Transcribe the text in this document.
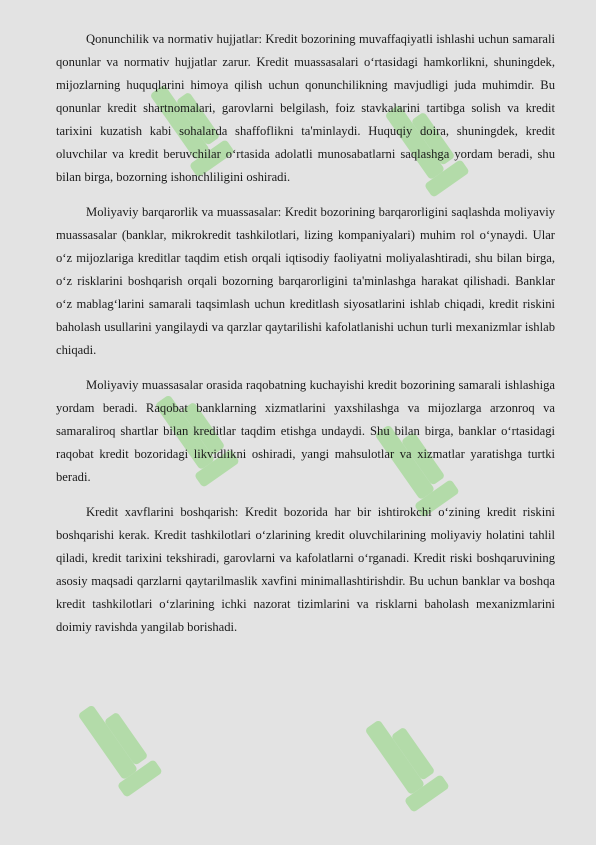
Qonunchilik va normativ hujjatlar: Kredit bozorining muvaffaqiyatli ishlashi uchun samarali qonunlar va normativ hujjatlar zarur. Kredit muassasalari o‘rtasidagi hamkorlikni, shuningdek, mijozlarning huquqlarini himoya qilish uchun qonunchilikning mavjudligi juda muhimdir. Bu qonunlar kredit shartnomalari, garovlarni belgilash, foiz stavkalarini tartibga solish va kredit tarixini kuzatish kabi sohalarda shaffoflikni ta'minlaydi. Huquqiy doira, shuningdek, kredit oluvchilar va kredit beruvchilar o‘rtasida adolatli munosabatlarni saqlashga yordam beradi, shu bilan birga, bozorning ishonchliligini oshiradi.

Moliyaviy barqarorlik va muassasalar: Kredit bozorining barqarorligini saqlashda moliyaviy muassasalar (banklar, mikrokredit tashkilotlari, lizing kompaniyalari) muhim rol o‘ynaydi. Ular o‘z mijozlariga kreditlar taqdim etish orqali iqtisodiy faoliyatni moliyalashtiradi, shu bilan birga, o‘z risklarini boshqarish orqali bozorning barqarorligini ta'minlashga harakat qilishadi. Banklar o‘z mablag‘larini samarali taqsimlash uchun kreditlash siyosatlarini ishlab chiqadi, kredit riskini baholash usullarini yangilaydi va qarzlar qaytarilishi kafolatlanishi uchun turli mexanizmlar ishlab chiqadi.

Moliyaviy muassasalar orasida raqobatning kuchayishi kredit bozorining samarali ishlashiga yordam beradi. Raqobat banklarning xizmatlarini yaxshilashga va mijozlarga arzonroq va samaraliroq shartlar bilan kreditlar taqdim etishga undaydi. Shu bilan birga, banklar o‘rtasidagi raqobat kredit bozoridagi likvidlikni oshiradi, yangi mahsulotlar va xizmatlar yaratishga turtki beradi.

Kredit xavflarini boshqarish: Kredit bozorida har bir ishtirokchi o‘zining kredit riskini boshqarishi kerak. Kredit tashkilotlari o‘zlarining kredit oluvchilarining moliyaviy holatini tahlil qiladi, kredit tarixini tekshiradi, garovlarni va kafolatlarni o‘rganadi. Kredit riski boshqaruvining asosiy maqsadi qarzlarni qaytarilmaslik xavfini minimallashtirishdir. Bu uchun banklar va boshqa kredit tashkilotlari o‘zlarining ichki nazorat tizimlarini va risklarni baholash mexanizmlarini doimiy ravishda yangilab borishadi.
